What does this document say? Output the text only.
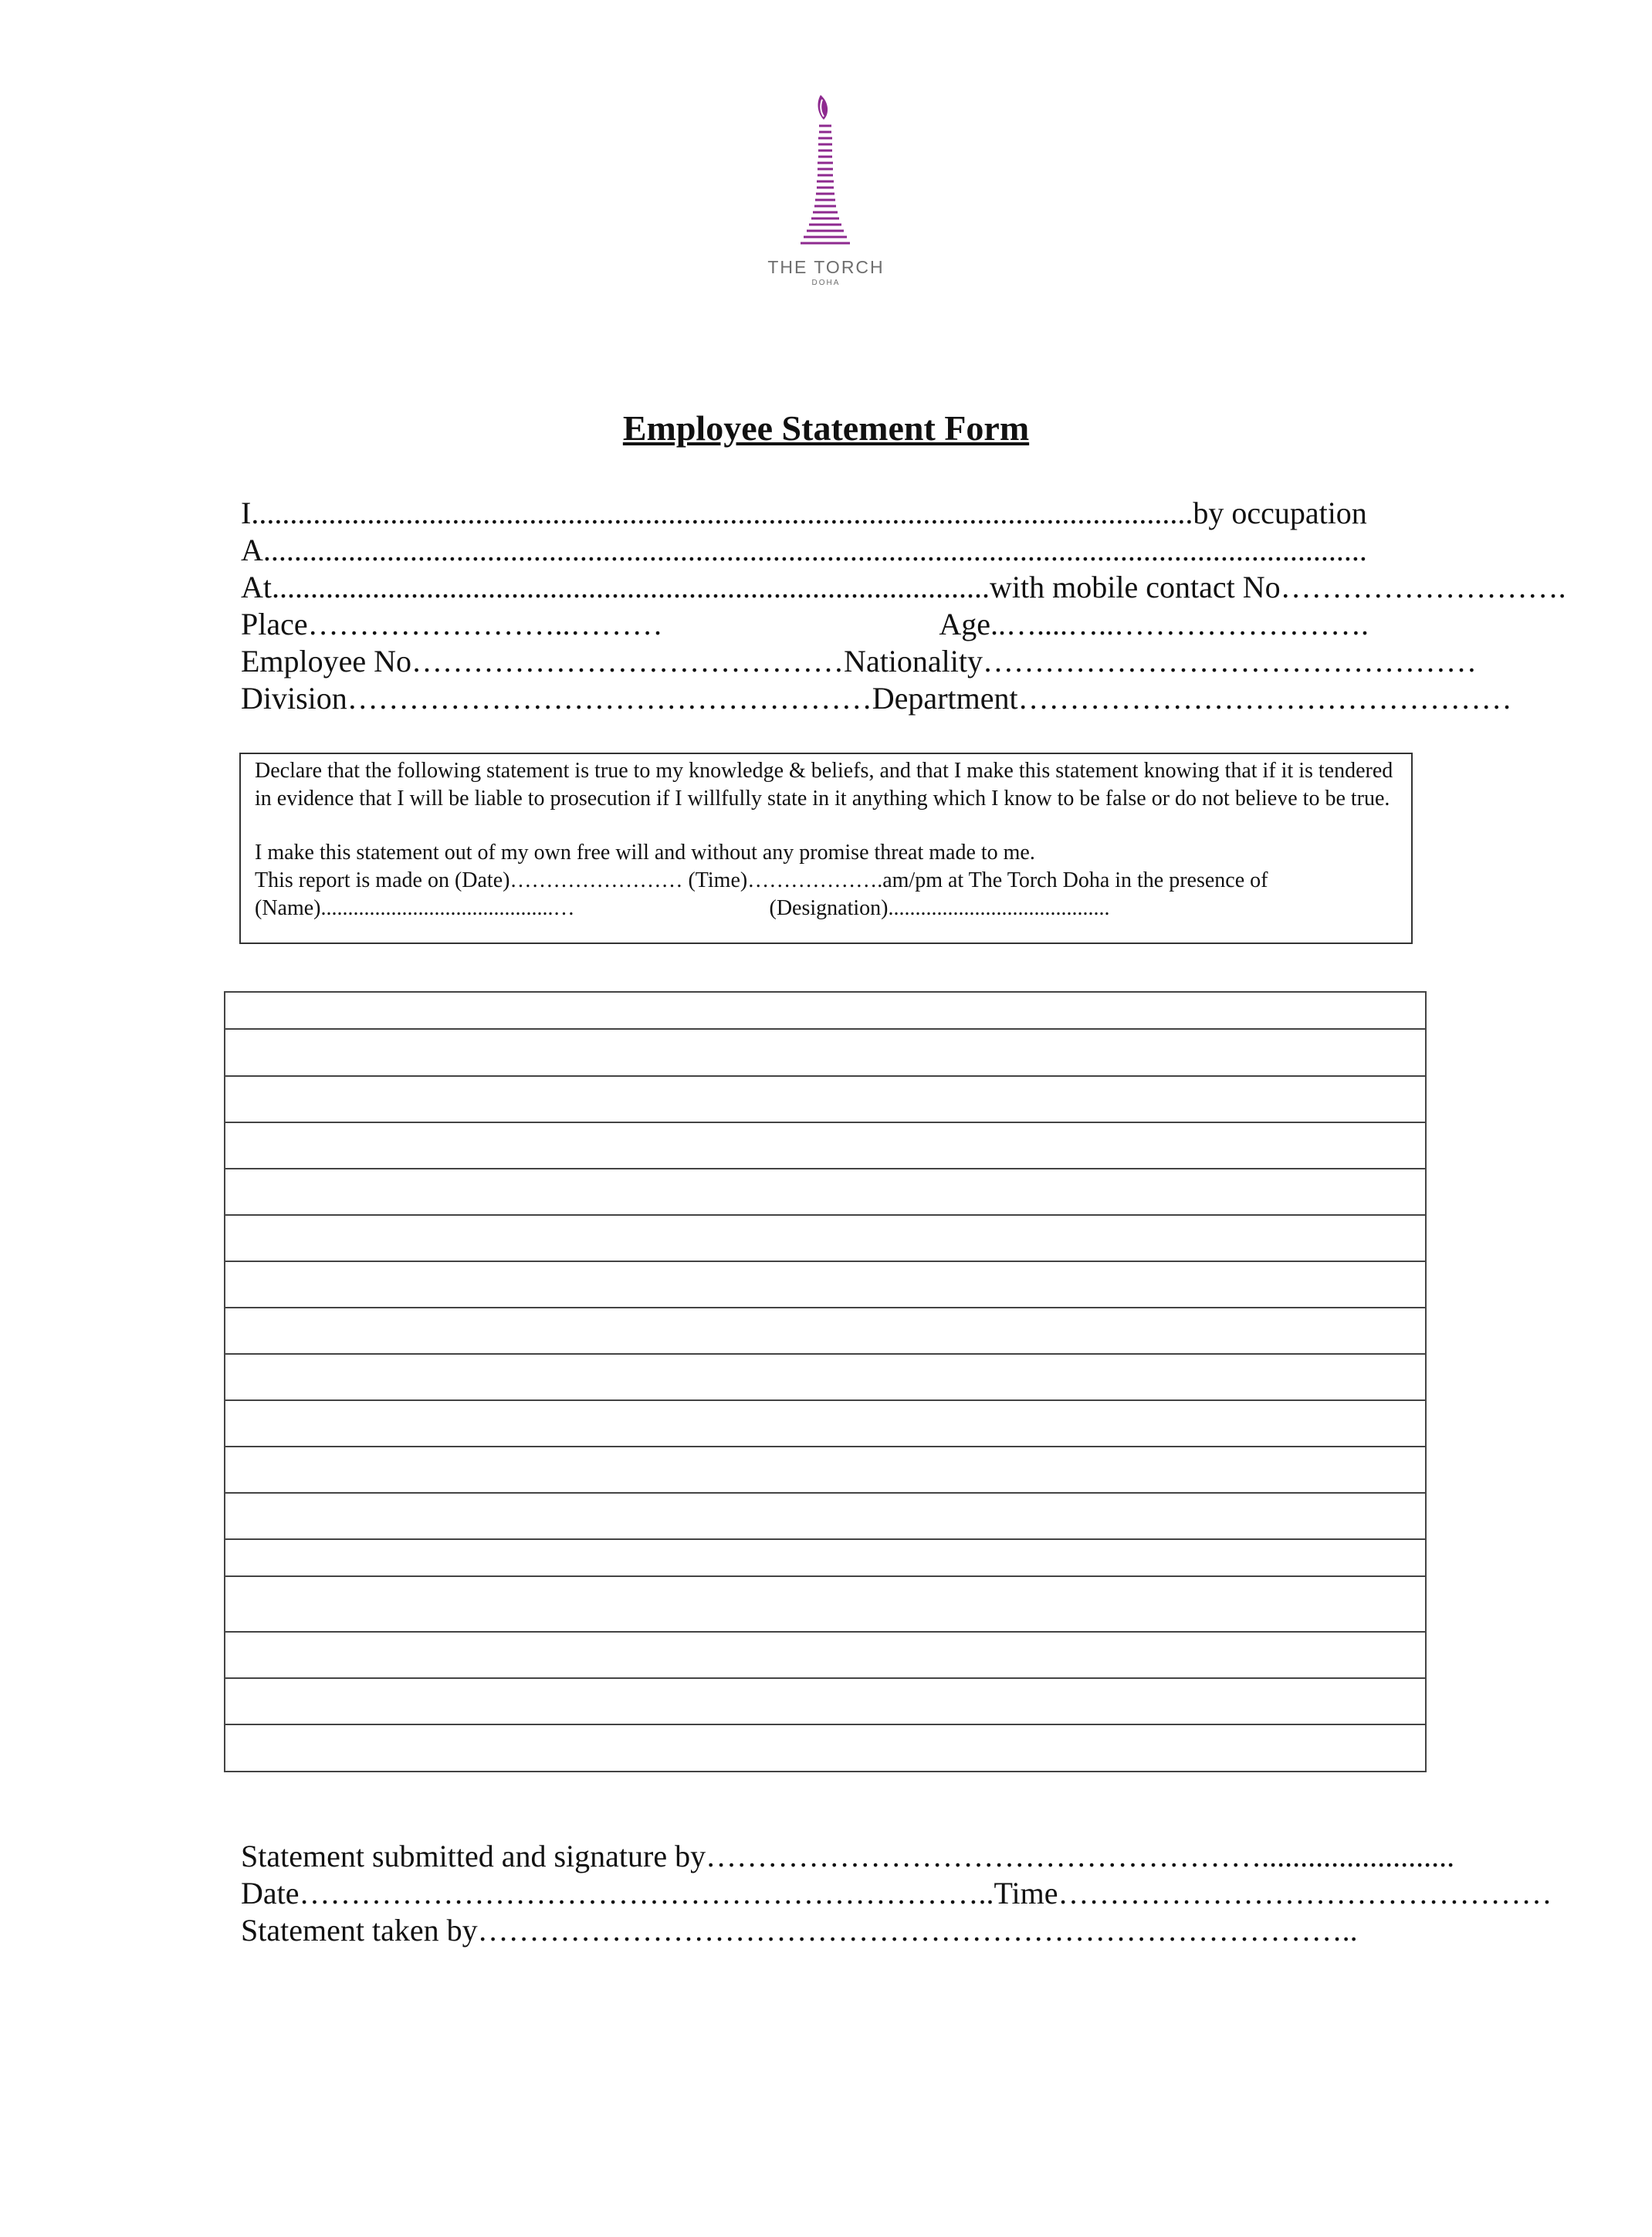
THE TORCH
DOHA
Employee Statement Form
I..........................................................................................................................by occupation
A...............................................................................................................................................
At.............................................................................................with mobile contact No……………………….
Place……………………..………                                    Age..…....…..…………………….
Employee No……………………………………Nationality…………………………………………
Division……………………………………………Department…………………………………………

Declare that the following statement is true to my knowledge & beliefs, and that I make this statement knowing that if it is tendered in evidence that I will be liable to prosecution if I willfully state in it anything which I know to be false or do not believe to be true.

I make this statement out of my own free will and without any promise threat made to me.

This report is made on (Date)…………………… (Time)……………….am/pm at The Torch Doha in the presence of

(Name)...........................................…                                    (Designation).........................................

Statement submitted and signature by……………………………………………….........................
Date…………………………………………………………..Time…………………………………………
Statement taken by…………………………………………………………………………..
